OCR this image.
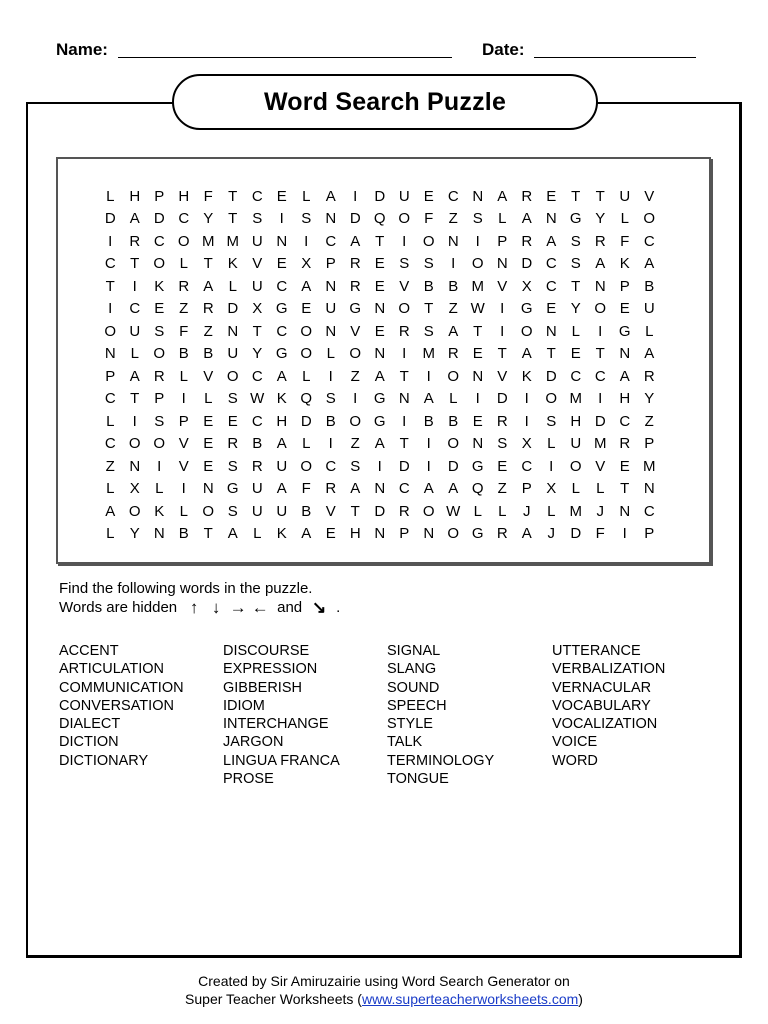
Name:	Date:
Word Search Puzzle
L H P H F	T C E	L	A	I	D U E C N A R E T	T U V
D A D C Y T S	I	S N D Q O F	Z S	L	A N G Y	L O
I	R C O M M U N	I	C A T	I	O N	I	P R A S R F C
C T O L	T K V E X P R E S S	I	O N D C S A K A
T	I	K R A	L U C A N R E V B B M V X C T N P B
I	C E Z R D X G E U G N O T	Z W	I	G E Y O E U
O U S F	Z N T C O N V E R S A T	I	O N L	I	G L
N L O B B U Y G O L O N	I	M R E T A T E T N A
P A R L	V O C A	L	I	Z A T	I	O N V K D C C A R
C T P	I	L	S W K Q S	I	G N A	L	I	D	I	O M	I	H Y
L	I	S P E E C H D B O G	I	B B E R	I	S H D C Z
C O O V E R B A	L	I	Z A T	I	O N S X	L U M R P
Z N	I	V E S R U O C S	I	D	I	D G E C	I	O V E M
L	X	L	I	N G U A F R A N C A A Q Z P X	L	L	T N
A O K	L O S U U B V T D R O W L	L	J	L M J	N C
L	Y N B T A	L	K A E H N P N O G R A	J	D F	I	P
Find the following words in the puzzle.
Words are hidden ↑ ↓ → ← and ↘ .
ACCENT
ARTICULATION
COMMUNICATION
CONVERSATION
DIALECT
DICTION
DICTIONARY
DISCOURSE
EXPRESSION
GIBBERISH
IDIOM
INTERCHANGE
JARGON
LINGUA FRANCA
PROSE
SIGNAL
SLANG
SOUND
SPEECH
STYLE
TALK
TERMINOLOGY
TONGUE
UTTERANCE
VERBALIZATION
VERNACULAR
VOCABULARY
VOCALIZATION
VOICE
WORD
Created by Sir Amiruzairie using Word Search Generator on
Super Teacher Worksheets (www.superteacherworksheets.com)
